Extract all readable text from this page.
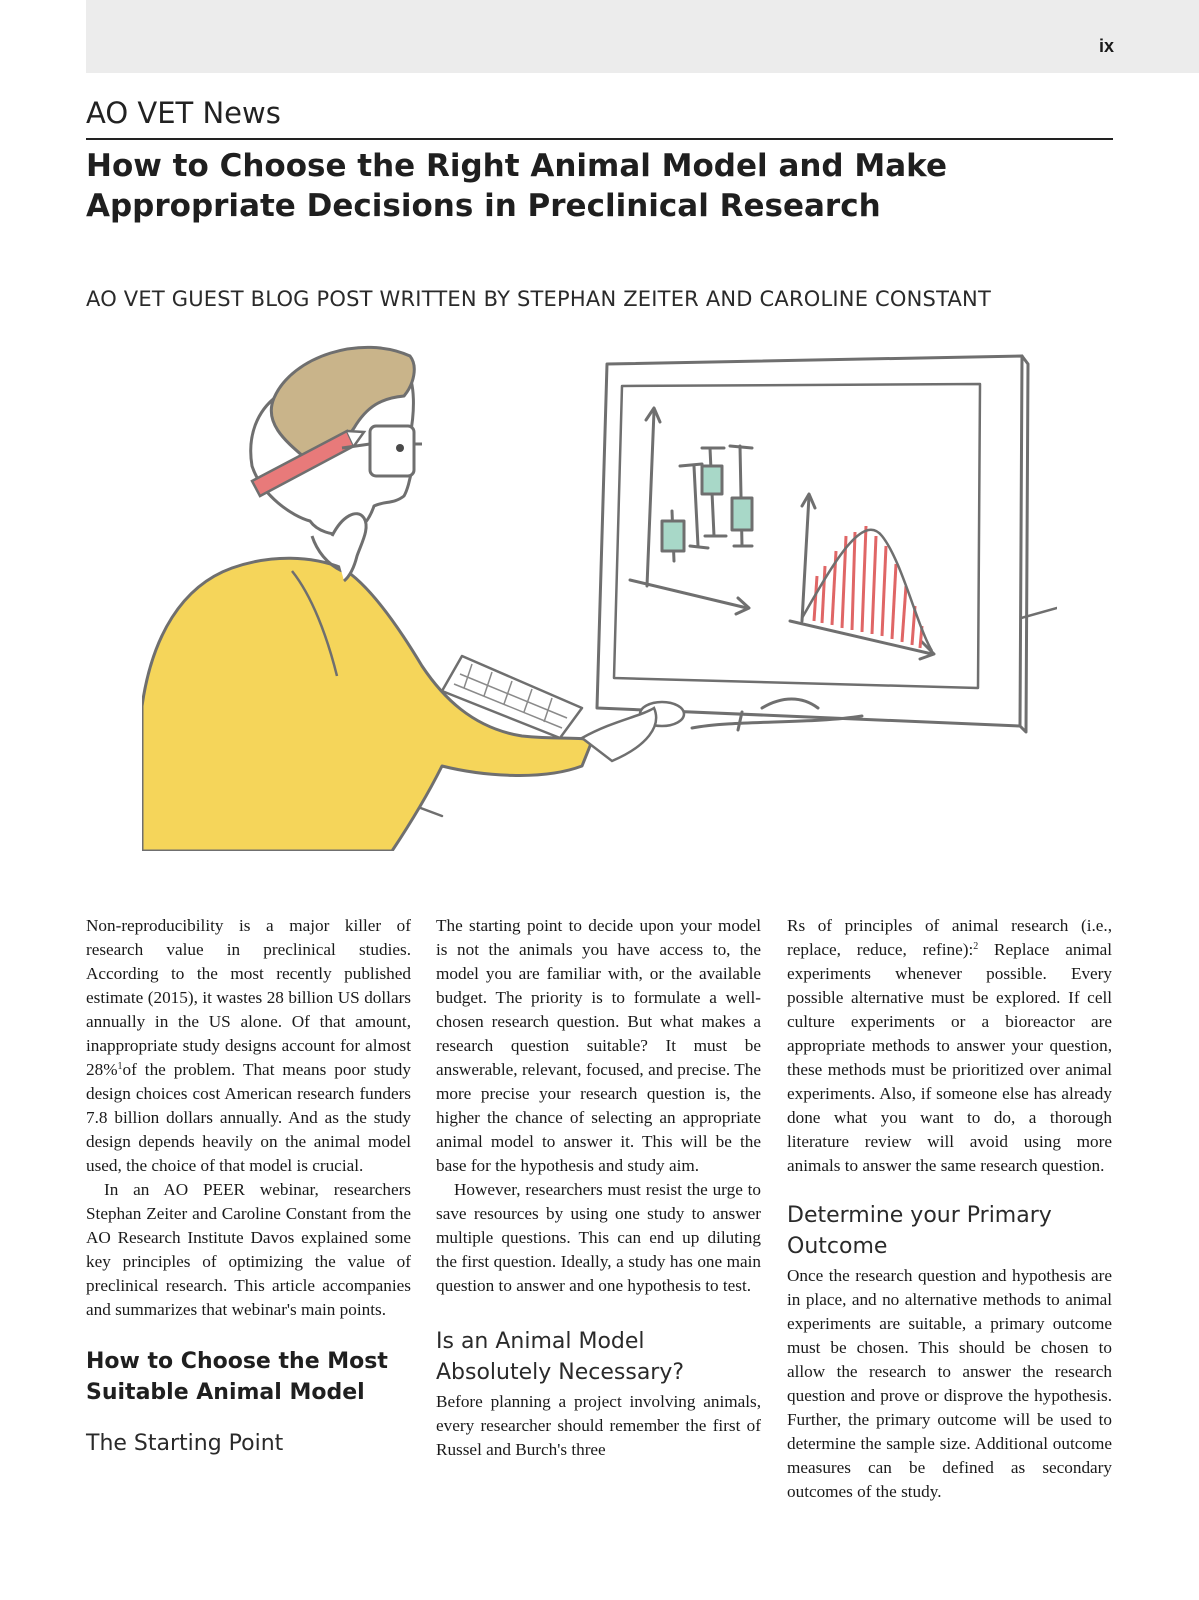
ix
AO VET News
How to Choose the Right Animal Model and Make Appropriate Decisions in Preclinical Research
AO VET GUEST BLOG POST WRITTEN BY STEPHAN ZEITER AND CAROLINE CONSTANT

Non-reproducibility is a major killer of research value in preclinical studies. According to the most recently published estimate (2015), it wastes 28 billion US dollars annually in the US alone. Of that amount, inappropriate study designs account for almost 28%$^1$of the problem. That means poor study design choices cost American research funders 7.8 billion dollars annually. And as the study design depends heavily on the animal model used, the choice of that model is crucial.

In an AO PEER webinar, researchers Stephan Zeiter and Caroline Constant from the AO Research Institute Davos explained some key principles of optimizing the value of preclinical research. This article accompanies and summarizes that webinar's main points.

How to Choose the Most Suitable Animal Model
The Starting Point

The starting point to decide upon your model is not the animals you have access to, the model you are familiar with, or the available budget. The priority is to formulate a well-chosen research question. But what makes a research question suitable? It must be answerable, relevant, focused, and precise. The more precise your research question is, the higher the chance of selecting an appropriate animal model to answer it. This will be the base for the hypothesis and study aim.

However, researchers must resist the urge to save resources by using one study to answer multiple questions. This can end up diluting the first question. Ideally, a study has one main question to answer and one hypothesis to test.

Is an Animal Model Absolutely Necessary?

Before planning a project involving animals, every researcher should remember the first of Russel and Burch's three

Rs of principles of animal research (i.e., replace, reduce, refine):$^2$ Replace animal experiments whenever possible. Every possible alternative must be explored. If cell culture experiments or a bioreactor are appropriate methods to answer your question, these methods must be prioritized over animal experiments. Also, if someone else has already done what you want to do, a thorough literature review will avoid using more animals to answer the same research question.

Determine your Primary Outcome

Once the research question and hypothesis are in place, and no alternative methods to animal experiments are suitable, a primary outcome must be chosen. This should be chosen to allow the research to answer the research question and prove or disprove the hypothesis. Further, the primary outcome will be used to determine the sample size. Additional outcome measures can be defined as secondary outcomes of the study.
